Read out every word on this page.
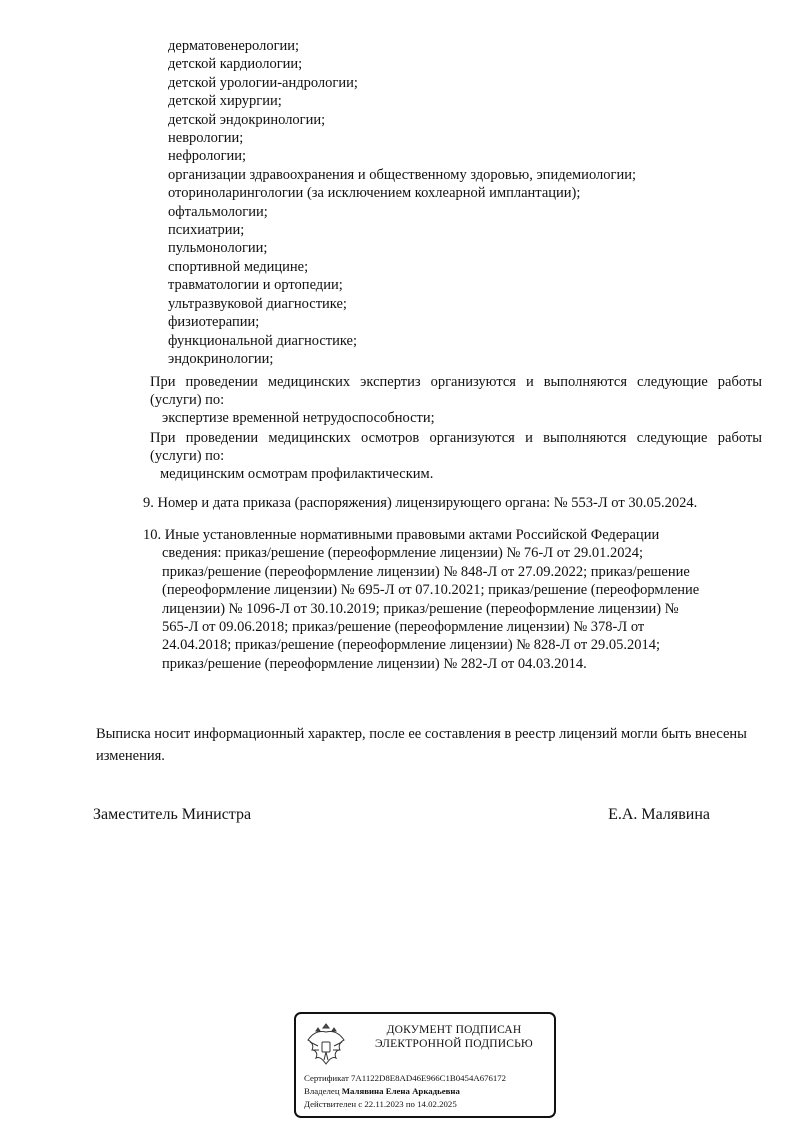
дерматовенерологии;
детской кардиологии;
детской урологии-андрологии;
детской хирургии;
детской эндокринологии;
неврологии;
нефрологии;
организации здравоохранения и общественному здоровью, эпидемиологии;
оториноларингологии (за исключением кохлеарной имплантации);
офтальмологии;
психиатрии;
пульмонологии;
спортивной медицине;
травматологии и ортопедии;
ультразвуковой диагностике;
физиотерапии;
функциональной диагностике;
эндокринологии;

При проведении медицинских экспертиз организуются и выполняются следующие работы (услуги) по:

экспертизе временной нетрудоспособности;

При проведении медицинских осмотров организуются и выполняются следующие работы (услуги) по:

медицинским осмотрам профилактическим.

9. Номер и дата приказа (распоряжения) лицензирующего органа: № 553-Л от 30.05.2024.
10. Иные установленные нормативными правовыми актами Российской Федерации
сведения: приказ/решение (переоформление лицензии) № 76-Л от 29.01.2024;
приказ/решение (переоформление лицензии) № 848-Л от 27.09.2022; приказ/решение
(переоформление лицензии) № 695-Л от 07.10.2021; приказ/решение (переоформление
лицензии) № 1096-Л от 30.10.2019; приказ/решение (переоформление лицензии) №
565-Л от 09.06.2018; приказ/решение (переоформление лицензии) № 378-Л от
24.04.2018; приказ/решение (переоформление лицензии) № 828-Л от 29.05.2014;
приказ/решение (переоформление лицензии) № 282-Л от 04.03.2014.
Выписка носит информационный характер, после ее составления в реестр лицензий могли быть внесены изменения.
Заместитель Министра	Е.А. Малявина
ДОКУМЕНТ ПОДПИСАН
ЭЛЕКТРОННОЙ ПОДПИСЬЮ
Сертификат 7A1122D8E8AD46E966C1B0454A676172
Владелец Малявина Елена Аркадьевна
Действителен с 22.11.2023 по 14.02.2025
